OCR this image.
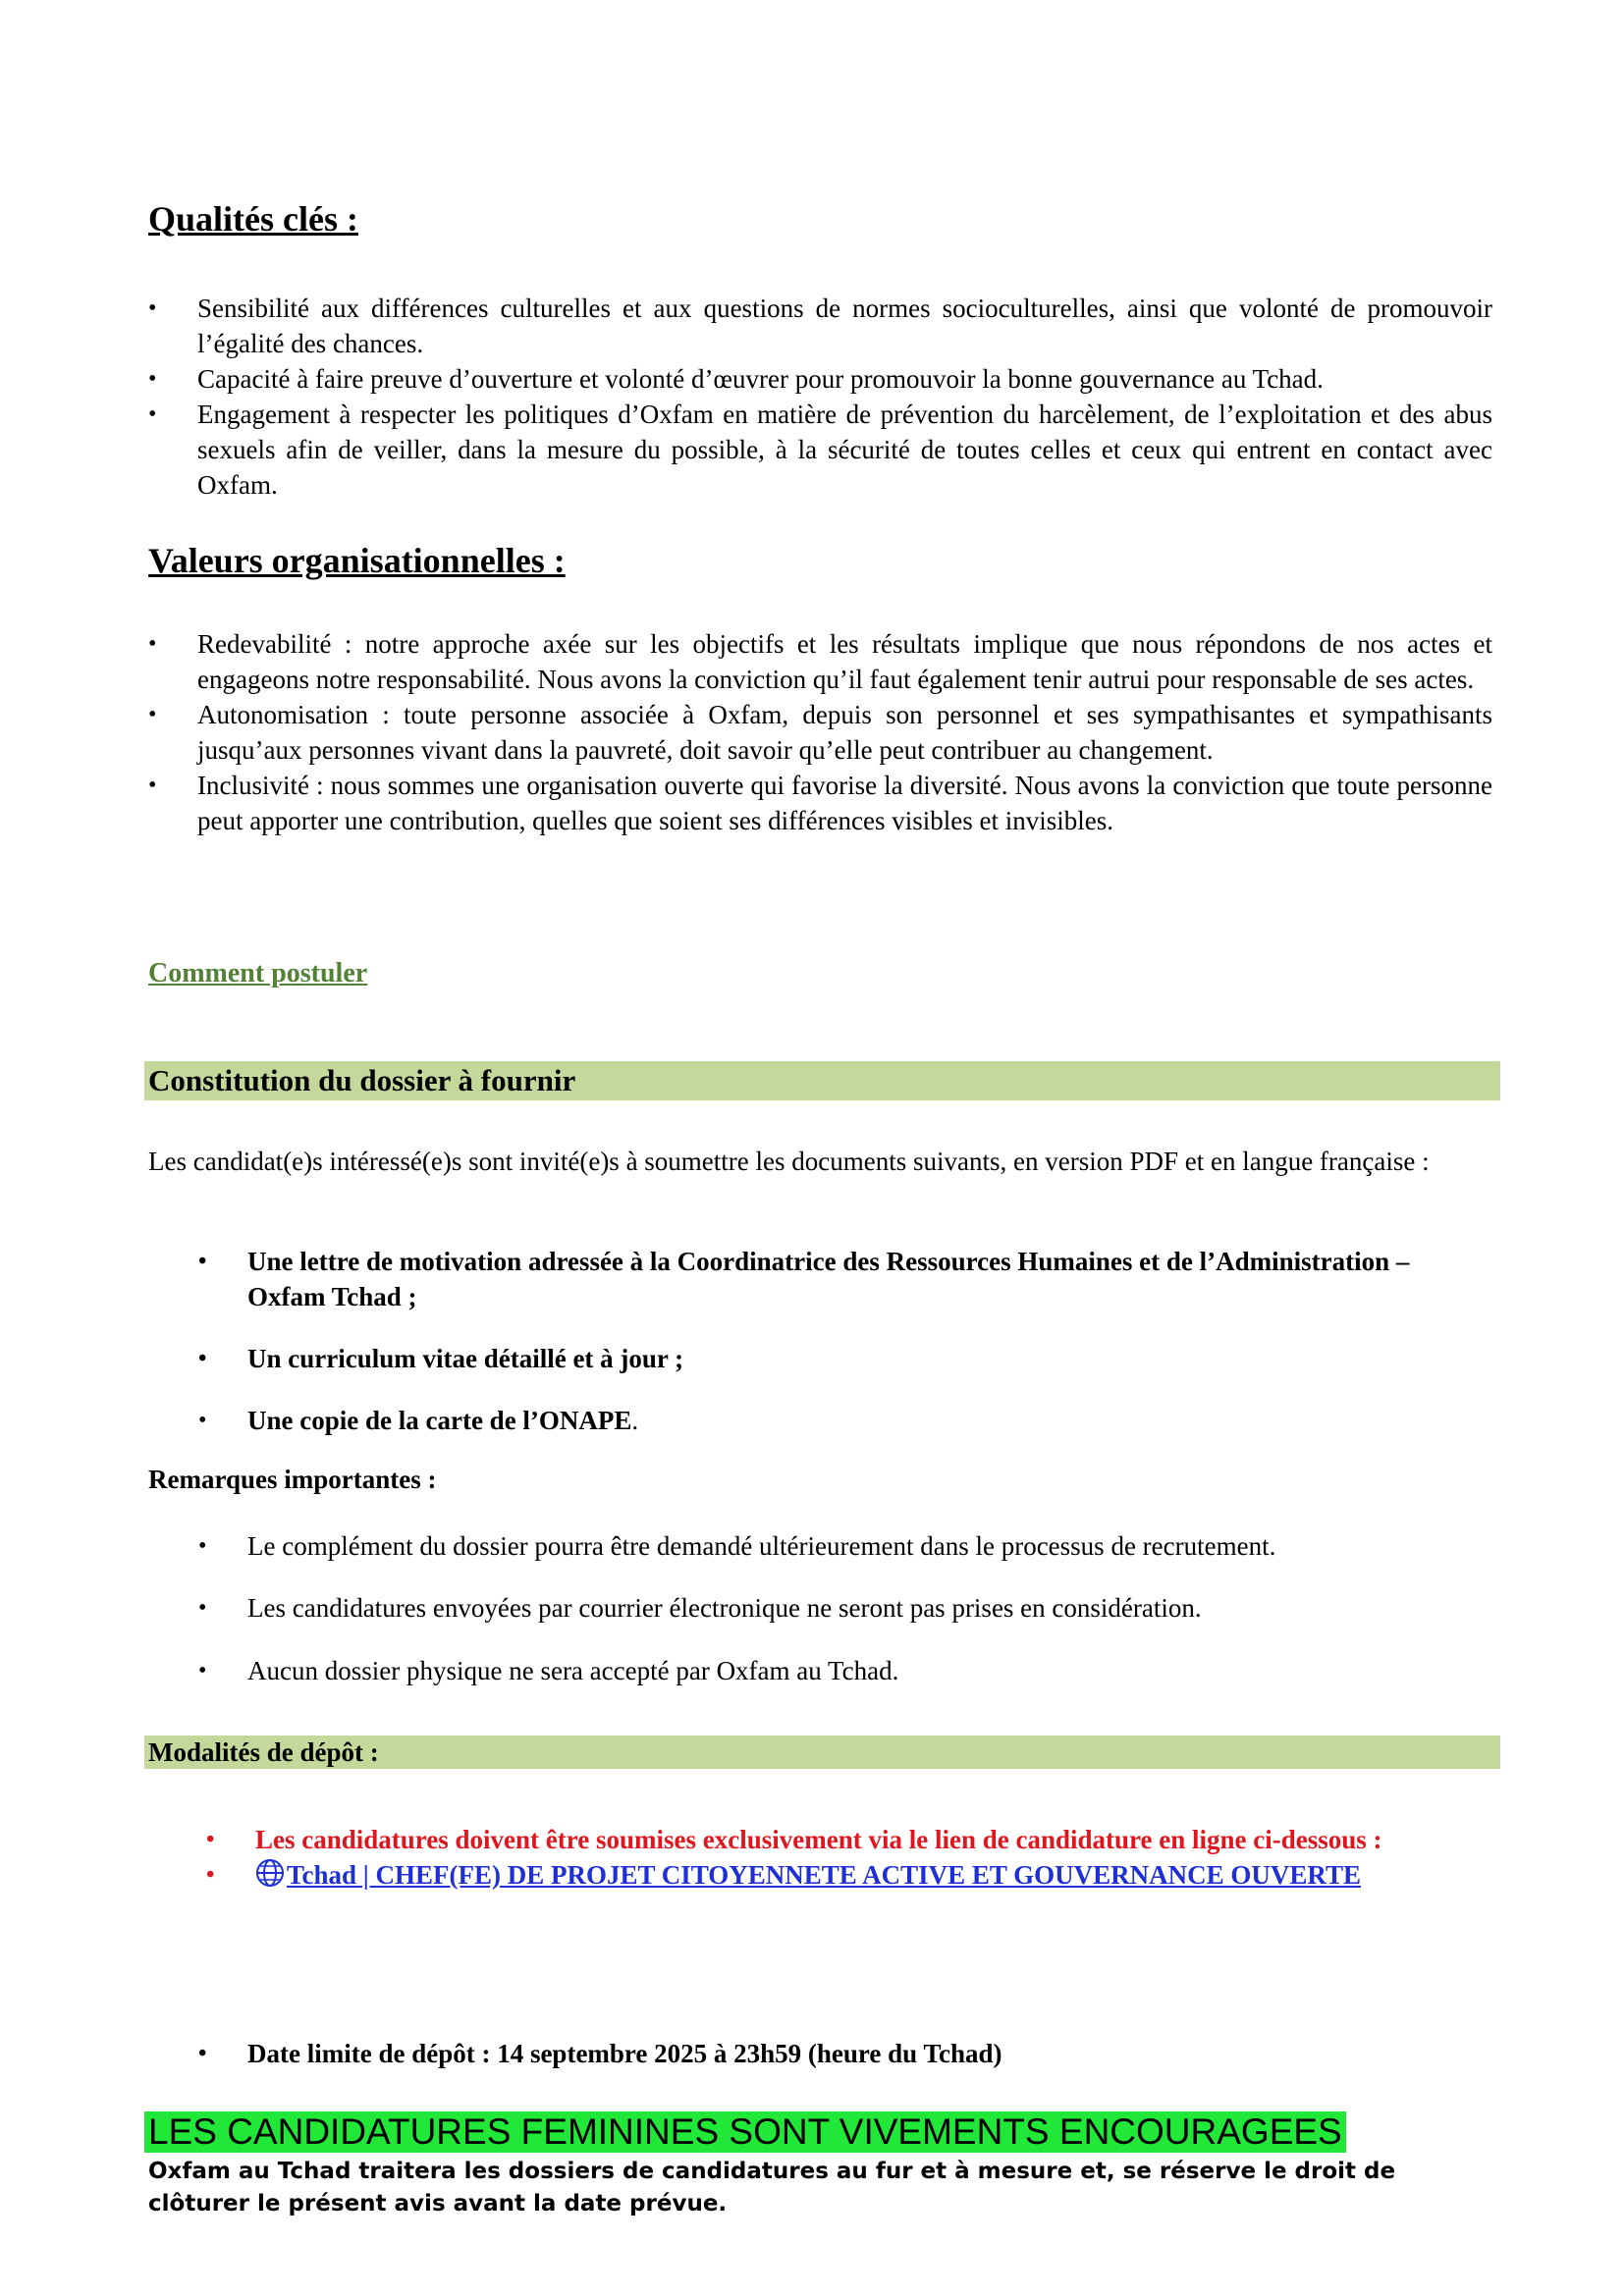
Qualités clés :
• Sensibilité aux différences culturelles et aux questions de normes socioculturelles, ainsi que volonté de promouvoir l’égalité des chances.
• Capacité à faire preuve d’ouverture et volonté d’œuvrer pour promouvoir la bonne gouvernance au Tchad.
• Engagement à respecter les politiques d’Oxfam en matière de prévention du harcèlement, de l’exploitation et des abus sexuels afin de veiller, dans la mesure du possible, à la sécurité de toutes celles et ceux qui entrent en contact avec Oxfam.
Valeurs organisationnelles :
• Redevabilité : notre approche axée sur les objectifs et les résultats implique que nous répondons de nos actes et engageons notre responsabilité. Nous avons la conviction qu’il faut également tenir autrui pour responsable de ses actes.
• Autonomisation : toute personne associée à Oxfam, depuis son personnel et ses sympathisantes et sympathisants jusqu’aux personnes vivant dans la pauvreté, doit savoir qu’elle peut contribuer au changement.
• Inclusivité : nous sommes une organisation ouverte qui favorise la diversité. Nous avons la conviction que toute personne peut apporter une contribution, quelles que soient ses différences visibles et invisibles.
Comment postuler
Constitution du dossier à fournir
Les candidat(e)s intéressé(e)s sont invité(e)s à soumettre les documents suivants, en version PDF et en langue française :
• Une lettre de motivation adressée à la Coordinatrice des Ressources Humaines et de l’Administration – Oxfam Tchad ;
• Un curriculum vitae détaillé et à jour ;
• Une copie de la carte de l’ONAPE.
Remarques importantes :
• Le complément du dossier pourra être demandé ultérieurement dans le processus de recrutement.
• Les candidatures envoyées par courrier électronique ne seront pas prises en considération.
• Aucun dossier physique ne sera accepté par Oxfam au Tchad.
Modalités de dépôt :
• Les candidatures doivent être soumises exclusivement via le lien de candidature en ligne ci-dessous :
• Tchad | CHEF(FE) DE PROJET CITOYENNETE ACTIVE ET GOUVERNANCE OUVERTE
• Date limite de dépôt : 14 septembre 2025 à 23h59 (heure du Tchad)
LES CANDIDATURES FEMININES SONT VIVEMENTS ENCOURAGEES
Oxfam au Tchad traitera les dossiers de candidatures au fur et à mesure et, se réserve le droit de clôturer le présent avis avant la date prévue.
